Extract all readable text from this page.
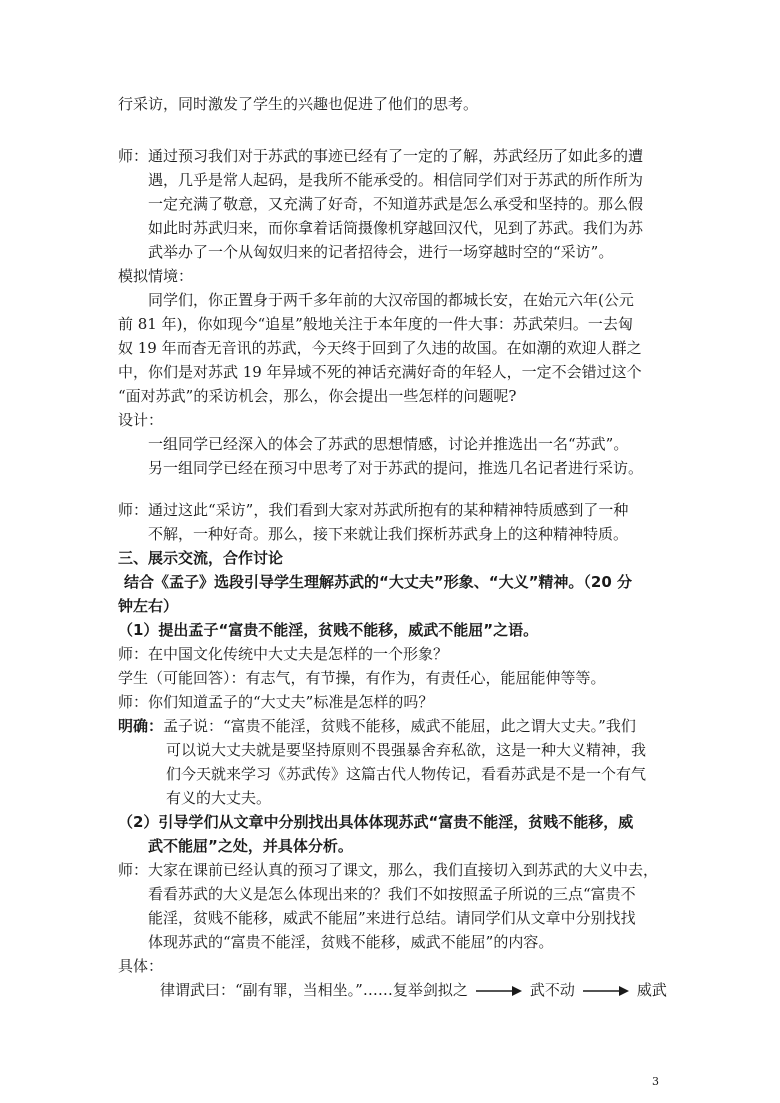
行采访，同时激发了学生的兴趣也促进了他们的思考。
师：通过预习我们对于苏武的事迹已经有了一定的了解，苏武经历了如此多的遭
遇，几乎是常人起码，是我所不能承受的。相信同学们对于苏武的所作所为
一定充满了敬意，又充满了好奇，不知道苏武是怎么承受和坚持的。那么假
如此时苏武归来，而你拿着话筒摄像机穿越回汉代，见到了苏武。我们为苏
武举办了一个从匈奴归来的记者招待会，进行一场穿越时空的“采访”。
模拟情境：
同学们，你正置身于两千多年前的大汉帝国的都城长安，在始元六年(公元
前 81 年)，你如现今“追星”般地关注于本年度的一件大事：苏武荣归。一去匈
奴 19 年而杳无音讯的苏武，今天终于回到了久违的故国。在如潮的欢迎人群之
中，你们是对苏武 19 年异域不死的神话充满好奇的年轻人，一定不会错过这个
“面对苏武”的采访机会，那么，你会提出一些怎样的问题呢?
设计：
一组同学已经深入的体会了苏武的思想情感，讨论并推选出一名“苏武”。
另一组同学已经在预习中思考了对于苏武的提问，推选几名记者进行采访。
师：通过这此“采访”，我们看到大家对苏武所抱有的某种精神特质感到了一种
不解，一种好奇。那么，接下来就让我们探析苏武身上的这种精神特质。
三、展示交流，合作讨论
结合《孟子》选段引导学生理解苏武的“大丈夫”形象、“大义”精神。（20 分
钟左右）
（1）提出孟子“富贵不能淫，贫贱不能移，威武不能屈”之语。
师：在中国文化传统中大丈夫是怎样的一个形象？
学生（可能回答）：有志气，有节操，有作为，有责任心，能屈能伸等等。
师：你们知道孟子的“大丈夫”标准是怎样的吗？
明确：孟子说：“富贵不能淫，贫贱不能移，威武不能屈，此之谓大丈夫。”我们
可以说大丈夫就是要坚持原则不畏强暴舍弃私欲，这是一种大义精神，我
们今天就来学习《苏武传》这篇古代人物传记，看看苏武是不是一个有气
有义的大丈夫。
（2）引导学们从文章中分别找出具体体现苏武“富贵不能淫，贫贱不能移，威
武不能屈”之处，并具体分析。
师：大家在课前已经认真的预习了课文，那么，我们直接切入到苏武的大义中去，
看看苏武的大义是怎么体现出来的？我们不如按照孟子所说的三点“富贵不
能淫，贫贱不能移，威武不能屈”来进行总结。请同学们从文章中分别找找
体现苏武的“富贵不能淫，贫贱不能移，威武不能屈”的内容。
具体：
律谓武曰：“副有罪，当相坐。”……复举剑拟之	武不动	威武
3
